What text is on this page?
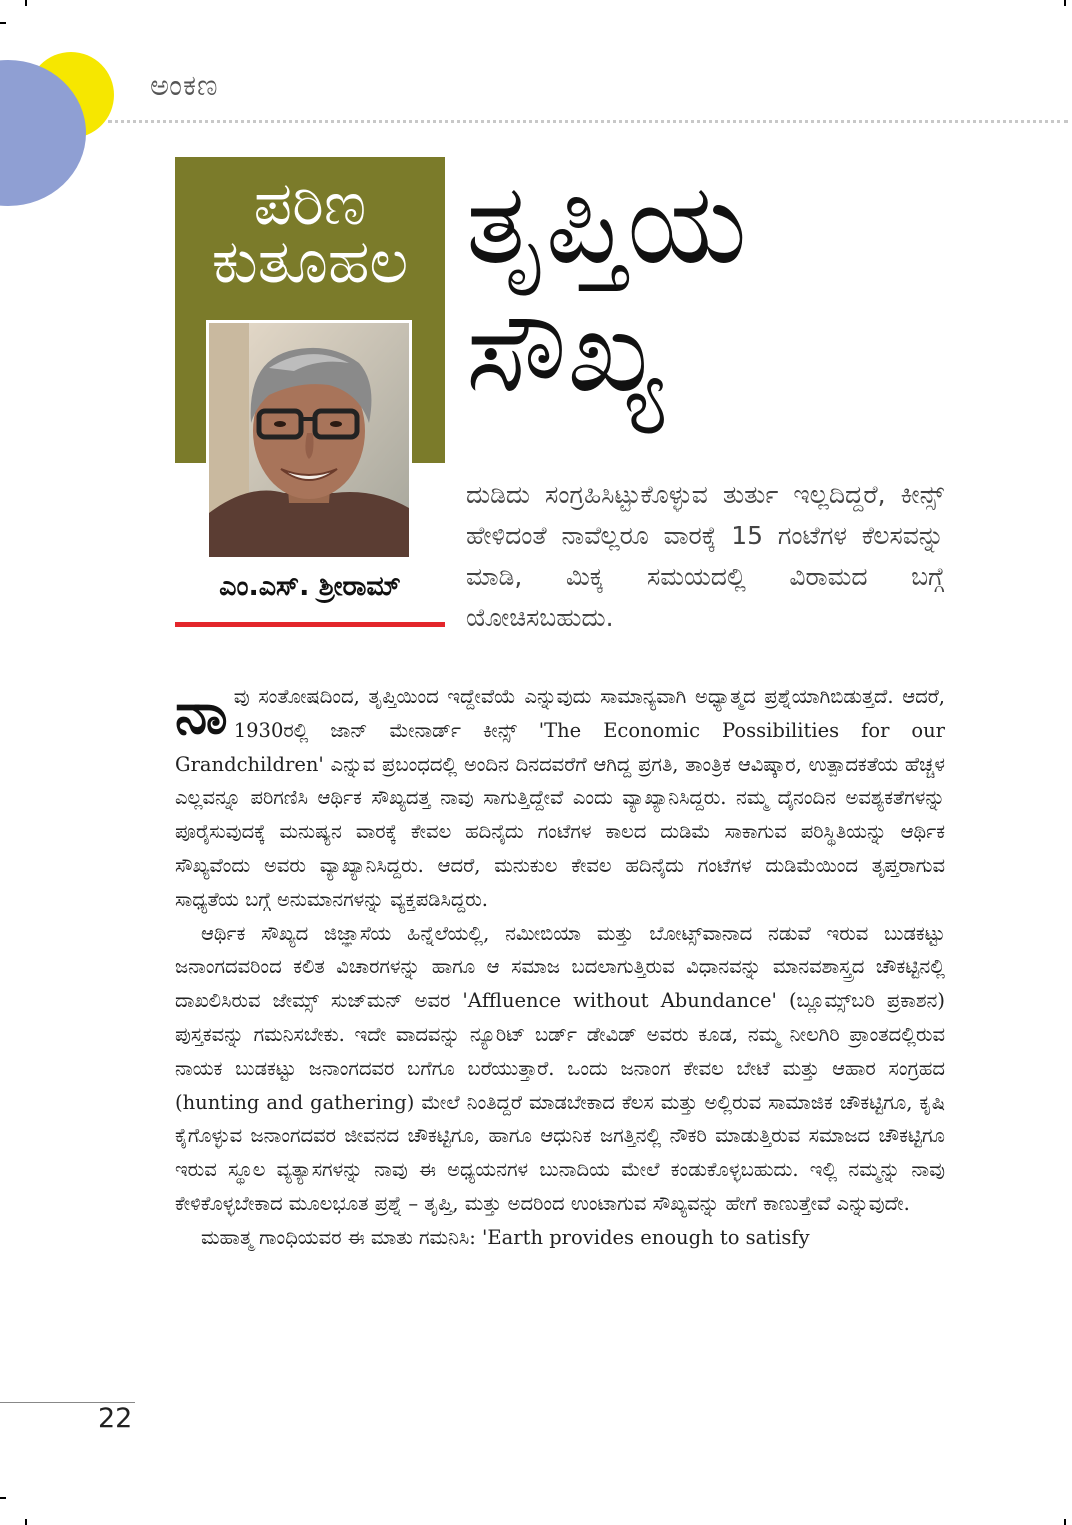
ಅಂಕಣ
ಪರಿಣ
ಕುತೂಹಲ
ಎಂ.ಎಸ್. ಶ್ರೀರಾಮ್
ತೃಪ್ತಿಯ
ಸೌಖ್ಯ
ದುಡಿದು ಸಂಗ್ರಹಿಸಿಟ್ಟುಕೊಳ್ಳುವ ತುರ್ತು ಇಲ್ಲದಿದ್ದರೆ, ಕೀನ್ಸ್ ಹೇಳಿದಂತೆ ನಾವೆಲ್ಲರೂ ವಾರಕ್ಕೆ 15 ಗಂಟೆಗಳ ಕೆಲಸವನ್ನು ಮಾಡಿ, ಮಿಕ್ಕ ಸಮಯದಲ್ಲಿ ವಿರಾಮದ ಬಗ್ಗೆ ಯೋಚಿಸಬಹುದು.

ನಾವು ಸಂತೋಷದಿಂದ, ತೃಪ್ತಿಯಿಂದ ಇದ್ದೇವೆಯೆ ಎನ್ನುವುದು ಸಾಮಾನ್ಯವಾಗಿ ಅಧ್ಯಾತ್ಮದ ಪ್ರಶ್ನೆಯಾಗಿಬಿಡುತ್ತದೆ. ಆದರೆ, 1930ರಲ್ಲಿ ಜಾನ್ ಮೇನಾರ್ಡ್ ಕೀನ್ಸ್ 'The Economic Possibilities for our Grandchildren' ಎನ್ನುವ ಪ್ರಬಂಧದಲ್ಲಿ ಅಂದಿನ ದಿನದವರೆಗೆ ಆಗಿದ್ದ ಪ್ರಗತಿ, ತಾಂತ್ರಿಕ ಆವಿಷ್ಕಾರ, ಉತ್ಪಾದಕತೆಯ ಹೆಚ್ಚಳ ಎಲ್ಲವನ್ನೂ ಪರಿಗಣಿಸಿ ಆರ್ಥಿಕ ಸೌಖ್ಯದತ್ತ ನಾವು ಸಾಗುತ್ತಿದ್ದೇವೆ ಎಂದು ವ್ಯಾಖ್ಯಾನಿಸಿದ್ದರು. ನಮ್ಮ ದೈನಂದಿನ ಅವಶ್ಯಕತೆಗಳನ್ನು ಪೂರೈಸುವುದಕ್ಕೆ ಮನುಷ್ಯನ ವಾರಕ್ಕೆ ಕೇವಲ ಹದಿನೈದು ಗಂಟೆಗಳ ಕಾಲದ ದುಡಿಮೆ ಸಾಕಾಗುವ ಪರಿಸ್ಥಿತಿಯನ್ನು ಆರ್ಥಿಕ ಸೌಖ್ಯವೆಂದು ಅವರು ವ್ಯಾಖ್ಯಾನಿಸಿದ್ದರು. ಆದರೆ, ಮನುಕುಲ ಕೇವಲ ಹದಿನೈದು ಗಂಟೆಗಳ ದುಡಿಮೆಯಿಂದ ತೃಪ್ತರಾಗುವ ಸಾಧ್ಯತೆಯ ಬಗ್ಗೆ ಅನುಮಾನಗಳನ್ನು ವ್ಯಕ್ತಪಡಿಸಿದ್ದರು.

ಆರ್ಥಿಕ ಸೌಖ್ಯದ ಜಿಜ್ಞಾಸೆಯ ಹಿನ್ನೆಲೆಯಲ್ಲಿ, ನಮೀಬಿಯಾ ಮತ್ತು ಬೋಟ್ಸ್‌ವಾನಾದ ನಡುವೆ ಇರುವ ಬುಡಕಟ್ಟು ಜನಾಂಗದವರಿಂದ ಕಲಿತ ವಿಚಾರಗಳನ್ನು ಹಾಗೂ ಆ ಸಮಾಜ ಬದಲಾಗುತ್ತಿರುವ ವಿಧಾನವನ್ನು ಮಾನವಶಾಸ್ತ್ರದ ಚೌಕಟ್ಟಿನಲ್ಲಿ ದಾಖಲಿಸಿರುವ ಜೇಮ್ಸ್ ಸುಜ್‌ಮನ್ ಅವರ 'Affluence without Abundance' (ಬ್ಲೂಮ್ಸ್‌ಬರಿ ಪ್ರಕಾಶನ) ಪುಸ್ತಕವನ್ನು ಗಮನಿಸಬೇಕು. ಇದೇ ವಾದವನ್ನು ನ್ಯೂರಿಟ್ ಬರ್ಡ್ ಡೇವಿಡ್ ಅವರು ಕೂಡ, ನಮ್ಮ ನೀಲಗಿರಿ ಪ್ರಾಂತದಲ್ಲಿರುವ ನಾಯಕ ಬುಡಕಟ್ಟು ಜನಾಂಗದವರ ಬಗೆಗೂ ಬರೆಯುತ್ತಾರೆ. ಒಂದು ಜನಾಂಗ ಕೇವಲ ಬೇಟೆ ಮತ್ತು ಆಹಾರ ಸಂಗ್ರಹದ (hunting and gathering) ಮೇಲೆ ನಿಂತಿದ್ದರೆ ಮಾಡಬೇಕಾದ ಕೆಲಸ ಮತ್ತು ಅಲ್ಲಿರುವ ಸಾಮಾಜಿಕ ಚೌಕಟ್ಟಿಗೂ, ಕೃಷಿ ಕೈಗೊಳ್ಳುವ ಜನಾಂಗದವರ ಜೀವನದ ಚೌಕಟ್ಟಿಗೂ, ಹಾಗೂ ಆಧುನಿಕ ಜಗತ್ತಿನಲ್ಲಿ ನೌಕರಿ ಮಾಡುತ್ತಿರುವ ಸಮಾಜದ ಚೌಕಟ್ಟಿಗೂ ಇರುವ ಸ್ಥೂಲ ವ್ಯತ್ಯಾಸಗಳನ್ನು ನಾವು ಈ ಅಧ್ಯಯನಗಳ ಬುನಾದಿಯ ಮೇಲೆ ಕಂಡುಕೊಳ್ಳಬಹುದು. ಇಲ್ಲಿ ನಮ್ಮನ್ನು ನಾವು ಕೇಳಿಕೊಳ್ಳಬೇಕಾದ ಮೂಲಭೂತ ಪ್ರಶ್ನೆ – ತೃಪ್ತಿ, ಮತ್ತು ಅದರಿಂದ ಉಂಟಾಗುವ ಸೌಖ್ಯವನ್ನು ಹೇಗೆ ಕಾಣುತ್ತೇವೆ ಎನ್ನುವುದೇ.

ಮಹಾತ್ಮ ಗಾಂಧಿಯವರ ಈ ಮಾತು ಗಮನಿಸಿ: 'Earth provides enough to satisfy

22
